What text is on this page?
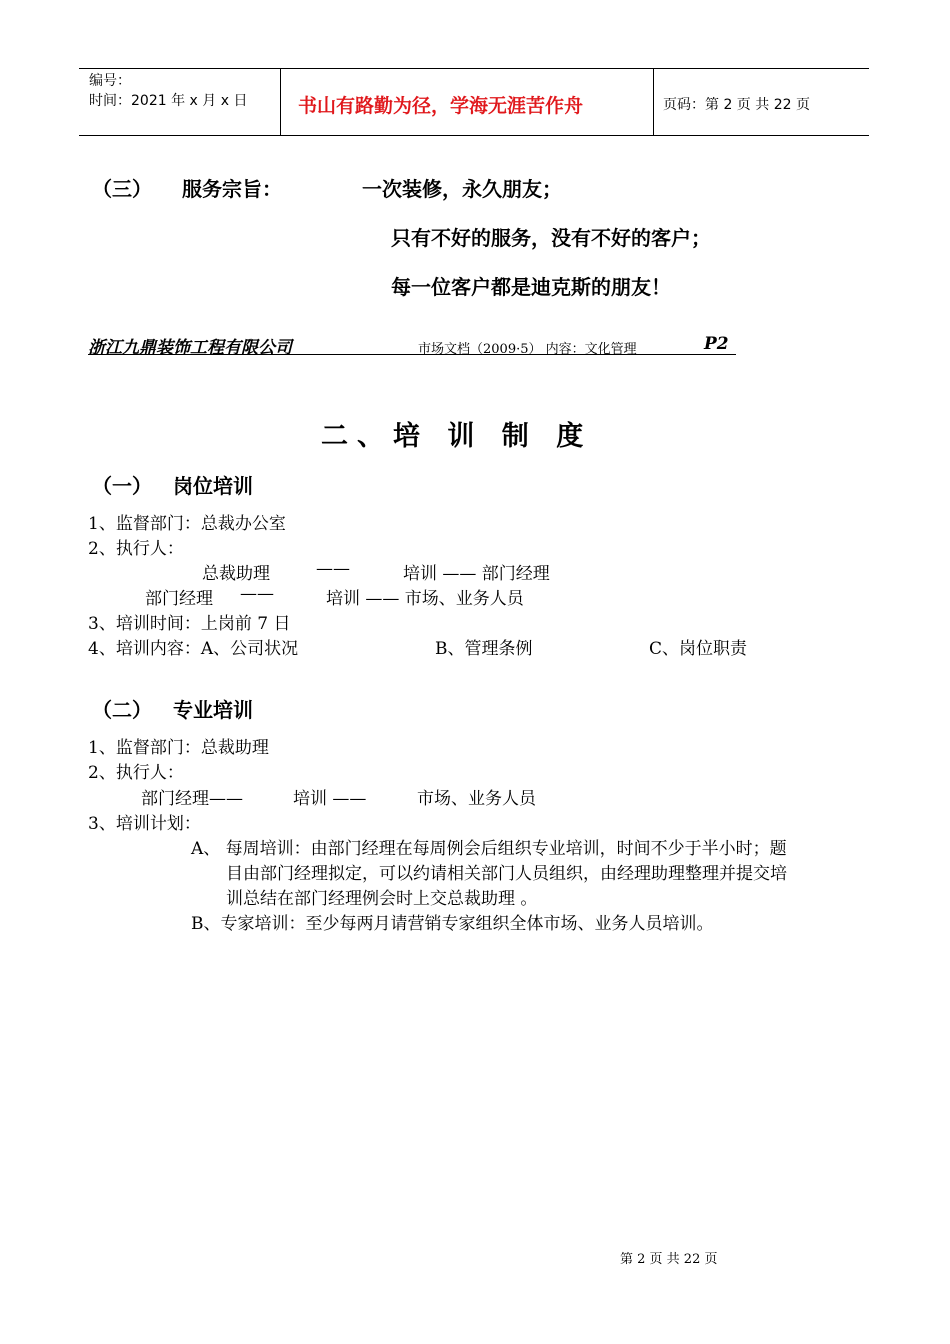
编号：
时间：2021 年 x 月 x 日	书山有路勤为径，学海无涯苦作舟	页码：第 2 页 共 22 页
（三） 服务宗旨：	一次装修，永久朋友；
只有不好的服务，没有不好的客户；
每一位客户都是迪克斯的朋友！
浙江九鼎装饰工程有限公司	市场文档（2009·5） 内容：文化管理	P2
二、培 训 制 度
（一） 岗位培训
1、监督部门：总裁办公室
2、执行人：
总裁助理	——	培训 —— 部门经理
部门经理 ——	培训 —— 市场、业务人员
3、培训时间：上岗前 7 日
4、培训内容：A、公司状况	B、管理条例	C、岗位职责
（二） 专业培训
1、监督部门：总裁助理
2、执行人：
部门经理——	培训 ——	市场、业务人员
3、培训计划：
A、 每周培训：由部门经理在每周例会后组织专业培训，时间不少于半小时；题
目由部门经理拟定，可以约请相关部门人员组织，由经理助理整理并提交培
训总结在部门经理例会时上交总裁助理 。
B、专家培训：至少每两月请营销专家组织全体市场、业务人员培训。
第 2 页 共 22 页
